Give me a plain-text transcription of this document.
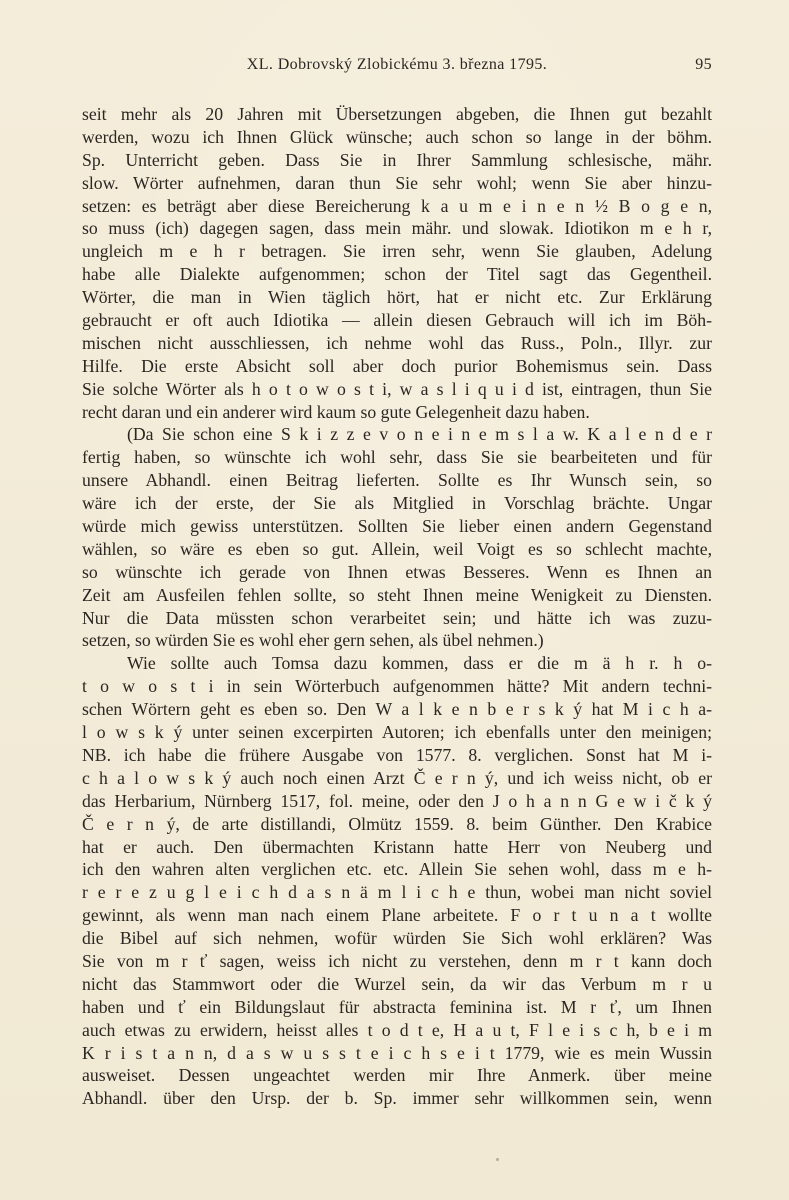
XL. Dobrovský Zlobickému 3. března 1795.	95
seit mehr als 20 Jahren mit Übersetzungen abgeben, die Ihnen gut bezahlt
werden, wozu ich Ihnen Glück wünsche; auch schon so lange in der böhm.
Sp. Unterricht geben. Dass Sie in Ihrer Sammlung schlesische, mähr.
slow. Wörter aufnehmen, daran thun Sie sehr wohl; wenn Sie aber hinzu-
setzen: es beträgt aber diese Bereicherung k a u m e i n e n ½ B o g e n,
so muss (ich) dagegen sagen, dass mein mähr. und slowak. Idiotikon m e h r,
ungleich m e h r betragen. Sie irren sehr, wenn Sie glauben, Adelung
habe alle Dialekte aufgenommen; schon der Titel sagt das Gegentheil.
Wörter, die man in Wien täglich hört, hat er nicht etc. Zur Erklärung
gebraucht er oft auch Idiotika — allein diesen Gebrauch will ich im Böh-
mischen nicht ausschliessen, ich nehme wohl das Russ., Poln., Illyr. zur
Hilfe. Die erste Absicht soll aber doch purior Bohemismus sein. Dass
Sie solche Wörter als h o t o w o s t i, w a s l i q u i d ist, eintragen, thun Sie
recht daran und ein anderer wird kaum so gute Gelegenheit dazu haben.
(Da Sie schon eine S k i z z e v o n e i n e m s l a w. K a l e n d e r
fertig haben, so wünschte ich wohl sehr, dass Sie sie bearbeiteten und für
unsere Abhandl. einen Beitrag lieferten. Sollte es Ihr Wunsch sein, so
wäre ich der erste, der Sie als Mitglied in Vorschlag brächte. Ungar
würde mich gewiss unterstützen. Sollten Sie lieber einen andern Gegenstand
wählen, so wäre es eben so gut. Allein, weil Voigt es so schlecht machte,
so wünschte ich gerade von Ihnen etwas Besseres. Wenn es Ihnen an
Zeit am Ausfeilen fehlen sollte, so steht Ihnen meine Wenigkeit zu Diensten.
Nur die Data müssten schon verarbeitet sein; und hätte ich was zuzu-
setzen, so würden Sie es wohl eher gern sehen, als übel nehmen.)
Wie sollte auch Tomsa dazu kommen, dass er die m ä h r. h o-
t o w o s t i in sein Wörterbuch aufgenommen hätte? Mit andern techni-
schen Wörtern geht es eben so. Den W a l k e n b e r s k ý hat M i c h a-
l o w s k ý unter seinen excerpirten Autoren; ich ebenfalls unter den meinigen;
NB. ich habe die frühere Ausgabe von 1577. 8. verglichen. Sonst hat M i-
c h a l o w s k ý auch noch einen Arzt Č e r n ý, und ich weiss nicht, ob er
das Herbarium, Nürnberg 1517, fol. meine, oder den J o h a n n G e w i č k ý
Č e r n ý, de arte distillandi, Olmütz 1559. 8. beim Günther. Den Krabice
hat er auch. Den übermachten Kristann hatte Herr von Neuberg und
ich den wahren alten verglichen etc. etc. Allein Sie sehen wohl, dass m e h-
r e r e z u g l e i c h d a s n ä m l i c h e thun, wobei man nicht soviel
gewinnt, als wenn man nach einem Plane arbeitete. F o r t u n a t wollte
die Bibel auf sich nehmen, wofür würden Sie Sich wohl erklären? Was
Sie von m r ť sagen, weiss ich nicht zu verstehen, denn m r t kann doch
nicht das Stammwort oder die Wurzel sein, da wir das Verbum m r u
haben und ť ein Bildungslaut für abstracta feminina ist. M r ť, um Ihnen
auch etwas zu erwidern, heisst alles t o d t e, H a u t, F l e i s c h, b e i m
K r i s t a n n, d a s w u s s t e i c h s e i t 1779, wie es mein Wussin
ausweiset. Dessen ungeachtet werden mir Ihre Anmerk. über meine
Abhandl. über den Ursp. der b. Sp. immer sehr willkommen sein, wenn
